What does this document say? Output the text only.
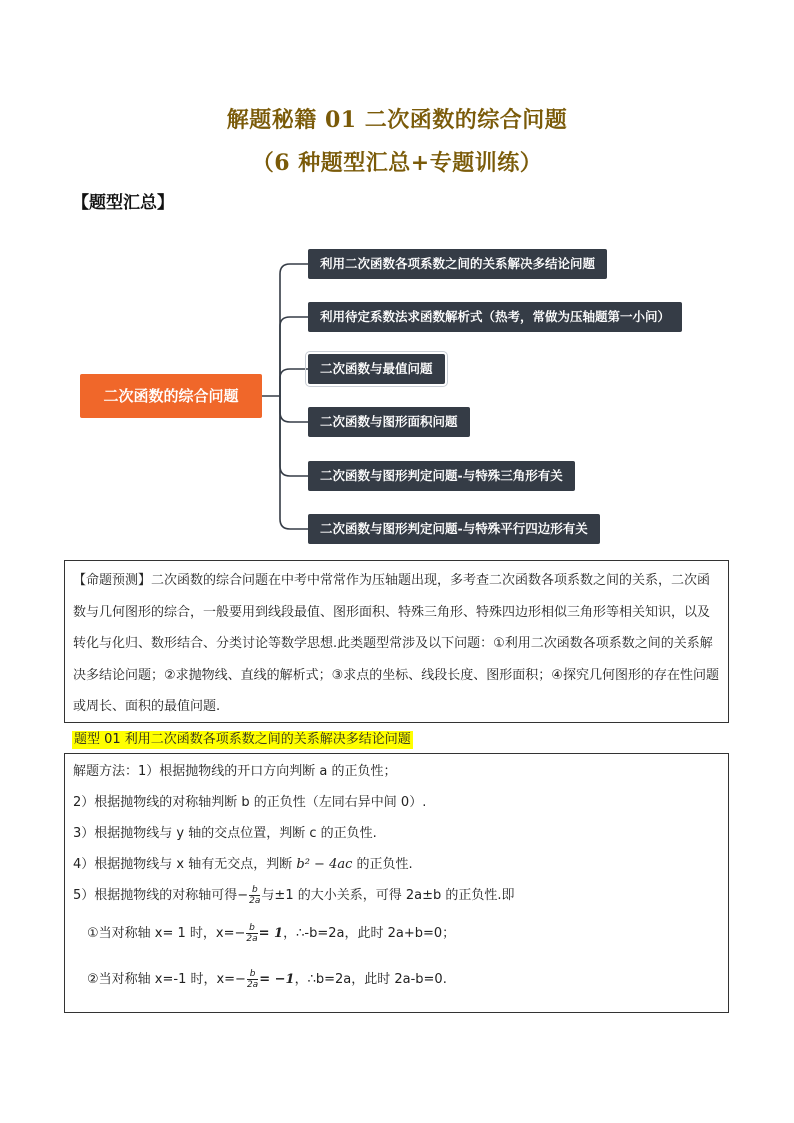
解题秘籍 01 二次函数的综合问题
（6 种题型汇总+专题训练）
【题型汇总】
二次函数的综合问题
利用二次函数各项系数之间的关系解决多结论问题
利用待定系数法求函数解析式（热考，常做为压轴题第一小问）
二次函数与最值问题
二次函数与图形面积问题
二次函数与图形判定问题-与特殊三角形有关
二次函数与图形判定问题-与特殊平行四边形有关
【命题预测】二次函数的综合问题在中考中常常作为压轴题出现，多考查二次函数各项系数之间的关系，二次函数与几何图形的综合，一般要用到线段最值、图形面积、特殊三角形、特殊四边形相似三角形等相关知识，以及转化与化归、数形结合、分类讨论等数学思想.此类题型常涉及以下问题：①利用二次函数各项系数之间的关系解决多结论问题；②求抛物线、直线的解析式；③求点的坐标、线段长度、图形面积；④探究几何图形的存在性问题或周长、面积的最值问题.
题型 01 利用二次函数各项系数之间的关系解决多结论问题
解题方法：1）根据抛物线的开口方向判断 a 的正负性；
2）根据抛物线的对称轴判断 b 的正负性（左同右异中间 0）.
3）根据抛物线与 y 轴的交点位置，判断 c 的正负性.
4）根据抛物线与 x 轴有无交点，判断 b² − 4ac 的正负性.
5）根据抛物线的对称轴可得− $\frac{b}{2a}$ 与±1 的大小关系，可得 2a±b 的正负性.即
①当对称轴 x= 1 时，$x=- \frac{b}{2a} = 1$，∴-b=2a，此时 2a+b=0；
②当对称轴 x=-1 时，$x=- \frac{b}{2a} = -1$，∴b=2a，此时 2a-b=0.
